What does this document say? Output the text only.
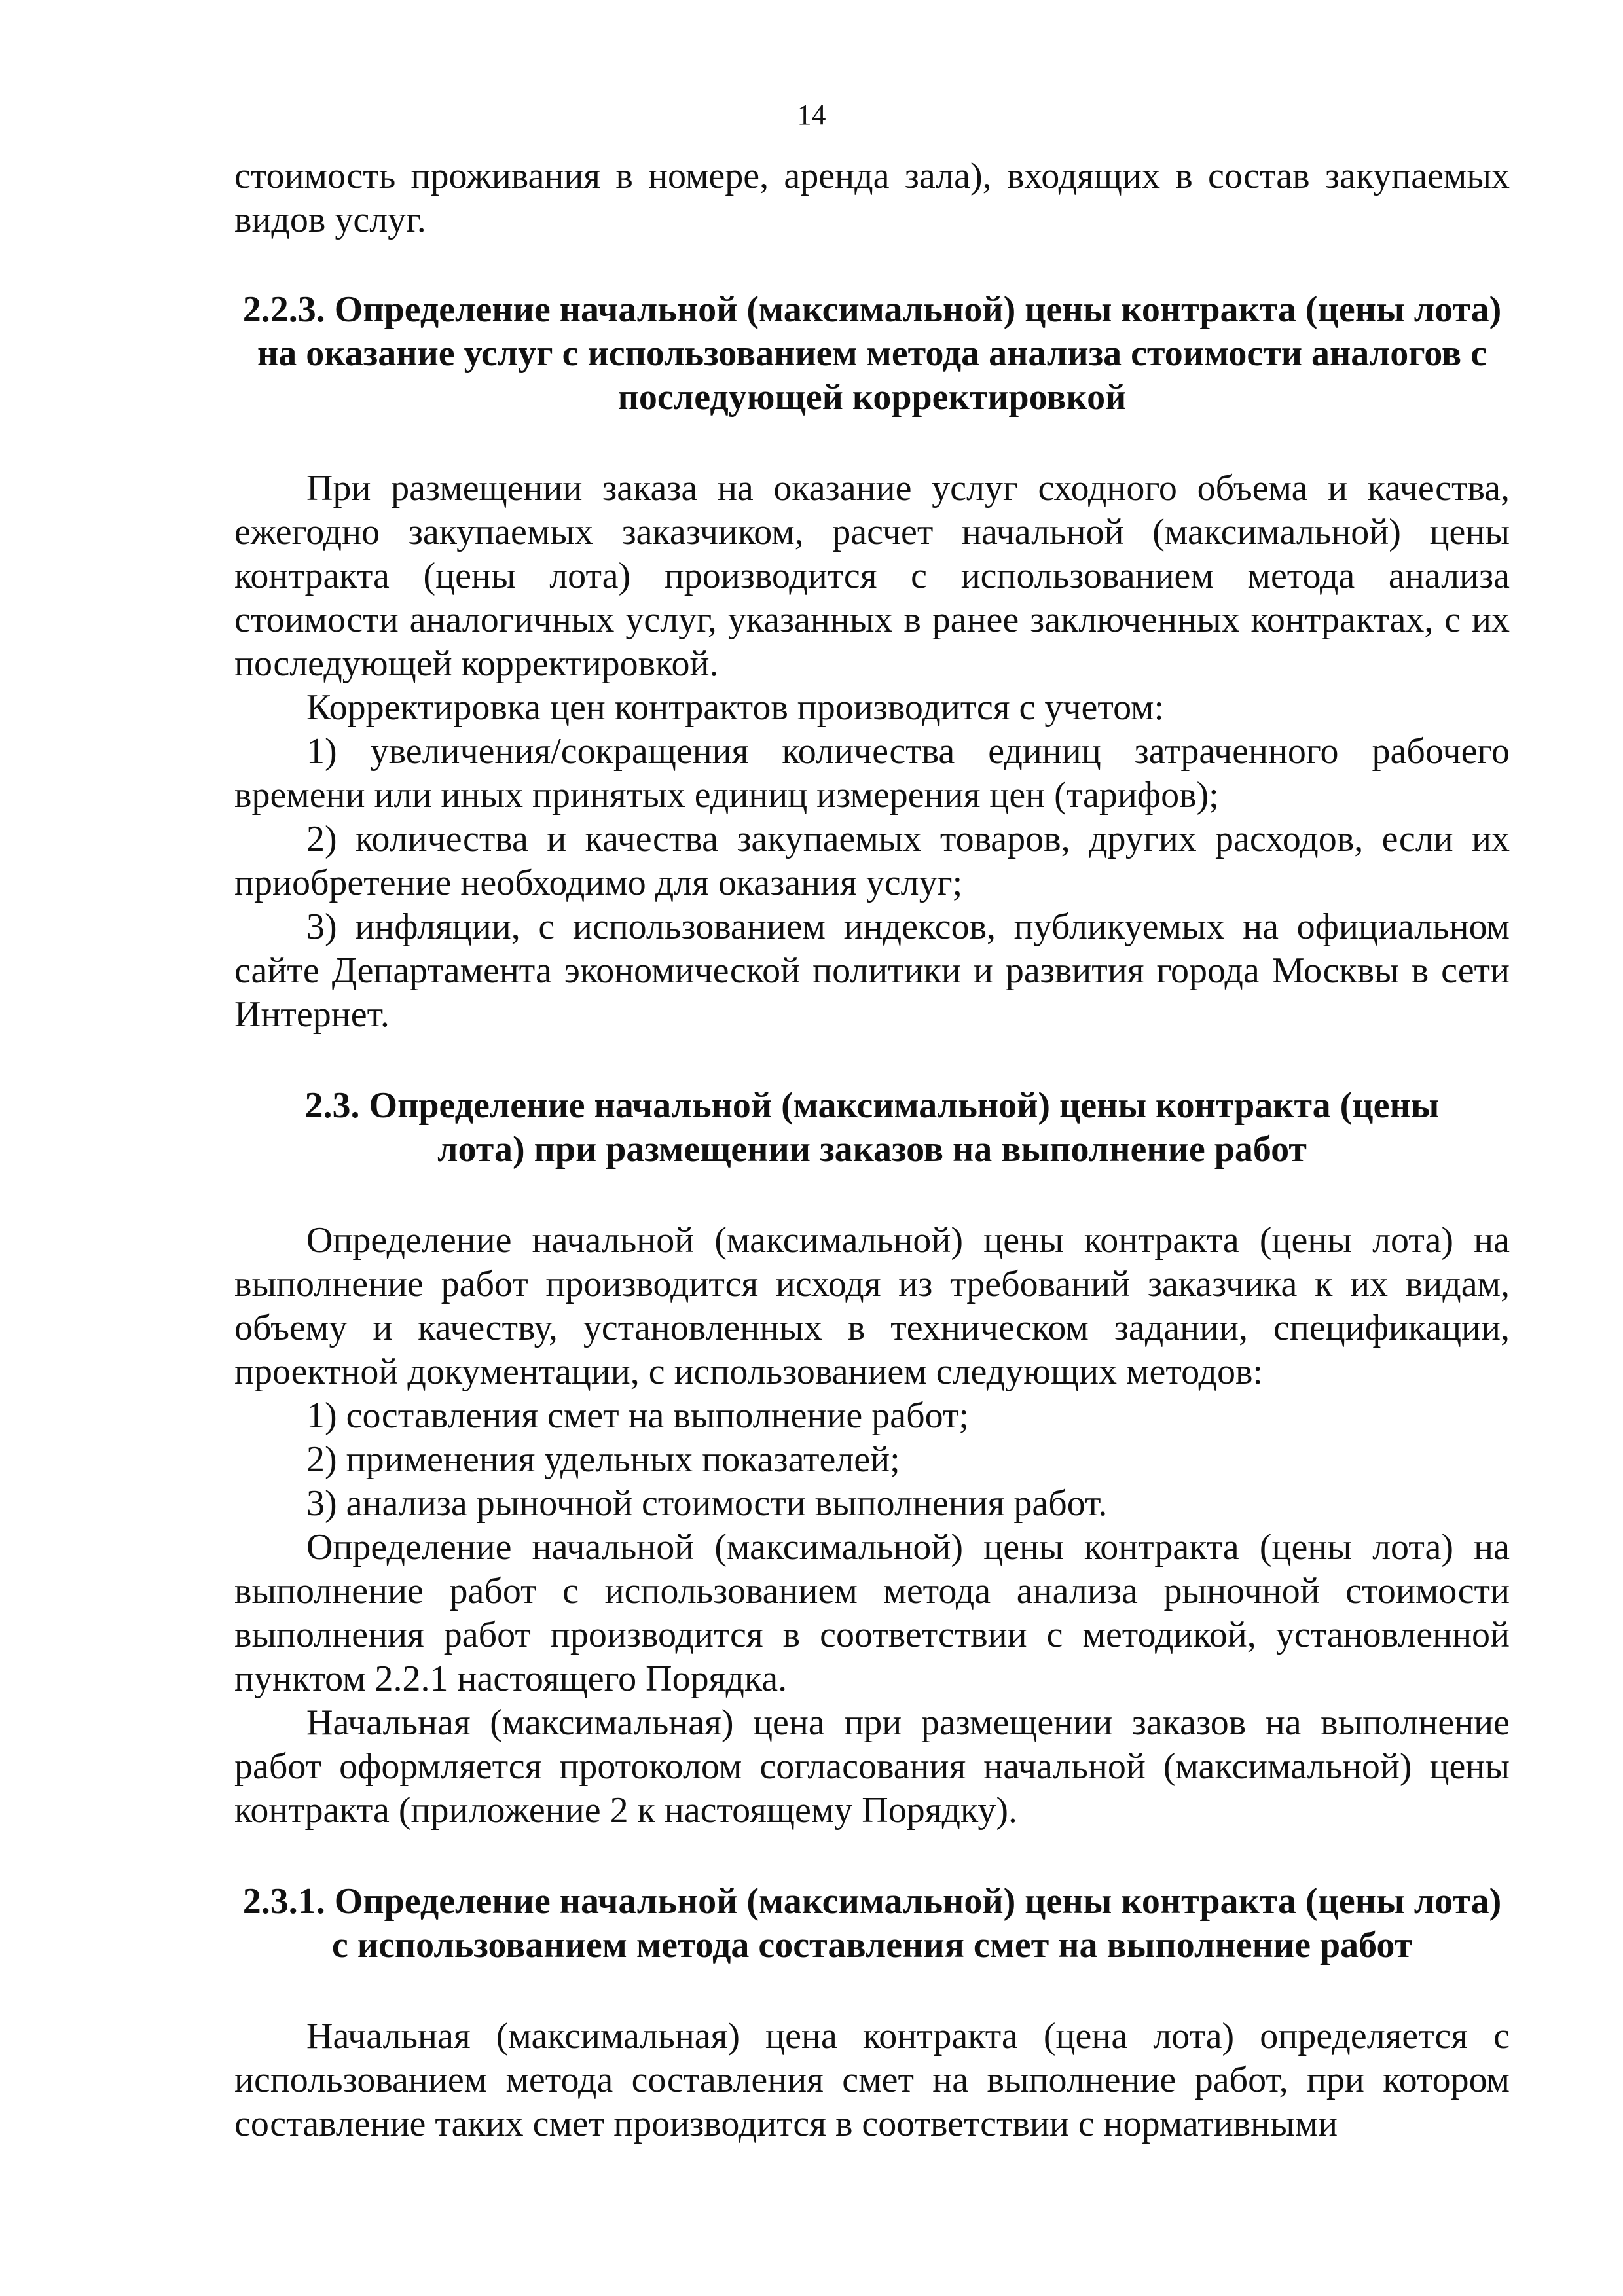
14

стоимость проживания в номере, аренда зала), входящих в состав закупаемых видов услуг.

2.2.3. Определение начальной (максимальной) цены контракта (цены лота) на оказание услуг с использованием метода анализа стоимости аналогов с последующей корректировкой

При размещении заказа на оказание услуг сходного объема и качества, ежегодно закупаемых заказчиком, расчет начальной (максимальной) цены контракта (цены лота) производится с использованием метода анализа стоимости аналогичных услуг, указанных в ранее заключенных контрактах, с их последующей корректировкой.

Корректировка цен контрактов производится с учетом:

1) увеличения/сокращения количества единиц затраченного рабочего времени или иных принятых единиц измерения цен (тарифов);

2) количества и качества закупаемых товаров, других расходов, если их приобретение необходимо для оказания услуг;

3) инфляции, с использованием индексов, публикуемых на официальном сайте Департамента экономической политики и развития города Москвы в сети Интернет.

2.3. Определение начальной (максимальной) цены контракта (цены лота) при размещении заказов на выполнение работ

Определение начальной (максимальной) цены контракта (цены лота) на выполнение работ производится исходя из требований заказчика к их видам, объему и качеству, установленных в техническом задании, спецификации, проектной документации, с использованием следующих методов:

1) составления смет на выполнение работ;

2) применения удельных показателей;

3) анализа рыночной стоимости выполнения работ.

Определение начальной (максимальной) цены контракта (цены лота) на выполнение работ с использованием метода анализа рыночной стоимости выполнения работ производится в соответствии с методикой, установленной пунктом 2.2.1 настоящего Порядка.

Начальная (максимальная) цена при размещении заказов на выполнение работ оформляется протоколом согласования начальной (максимальной) цены контракта (приложение 2 к настоящему Порядку).

2.3.1. Определение начальной (максимальной) цены контракта (цены лота) с использованием метода составления смет на выполнение работ

Начальная (максимальная) цена контракта (цена лота) определяется с использованием метода составления смет на выполнение работ, при котором составление таких смет производится в соответствии с нормативными
